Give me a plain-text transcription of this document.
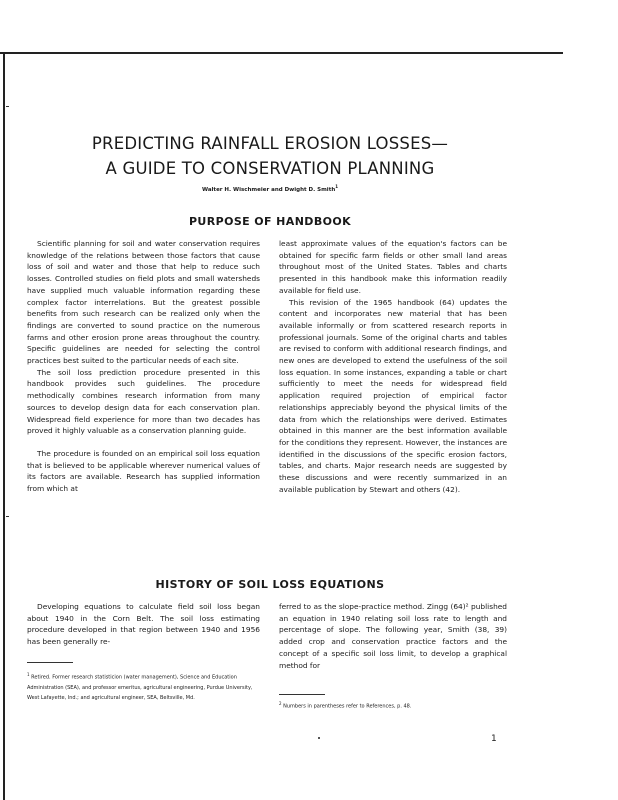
PREDICTING RAINFALL EROSION LOSSES—
A GUIDE TO CONSERVATION PLANNING
Walter H. Wischmeier and Dwight D. Smith$^1$
PURPOSE OF HANDBOOK

Scientific planning for soil and water conservation requires knowledge of the relations between those factors that cause loss of soil and water and those that help to reduce such losses. Controlled studies on field plots and small watersheds have supplied much valuable information regarding these complex factor interrelations. But the greatest possible benefits from such research can be realized only when the findings are converted to sound practice on the numerous farms and other erosion prone areas throughout the country. Specific guidelines are needed for selecting the control practices best suited to the particular needs of each site.

The soil loss prediction procedure presented in this handbook provides such guidelines. The procedure methodically combines research information from many sources to develop design data for each conservation plan. Widespread field experience for more than two decades has proved it highly valuable as a conservation planning guide.

The procedure is founded on an empirical soil loss equation that is believed to be applicable wherever numerical values of its factors are available. Research has supplied information from which at

least approximate values of the equation's factors can be obtained for specific farm fields or other small land areas throughout most of the United States. Tables and charts presented in this handbook make this information readily available for field use.

This revision of the 1965 handbook (64) updates the content and incorporates new material that has been available informally or from scattered research reports in professional journals. Some of the original charts and tables are revised to conform with additional research findings, and new ones are developed to extend the usefulness of the soil loss equation. In some instances, expanding a table or chart sufficiently to meet the needs for widespread field application required projection of empirical factor relationships appreciably beyond the physical limits of the data from which the relationships were derived. Estimates obtained in this manner are the best information available for the conditions they represent. However, the instances are identified in the discussions of the specific erosion factors, tables, and charts. Major research needs are suggested by these discussions and were recently summarized in an available publication by Stewart and others (42).

HISTORY OF SOIL LOSS EQUATIONS

Developing equations to calculate field soil loss began about 1940 in the Corn Belt. The soil loss estimating procedure developed in that region between 1940 and 1956 has been generally re-

ferred to as the slope-practice method. Zingg (64)² published an equation in 1940 relating soil loss rate to length and percentage of slope. The following year, Smith (38, 39) added crop and conservation practice factors and the concept of a specific soil loss limit, to develop a graphical method for

$^1$ Retired. Former research statisticion (water management), Science and Education Administration (SEA), and professor emeritus, agricultural engineering, Purdue University, West Lafayette, Ind.; and agricultural engineer, SEA, Beltsville, Md.
$^2$ Numbers in parentheses refer to References, p. 48.
1
